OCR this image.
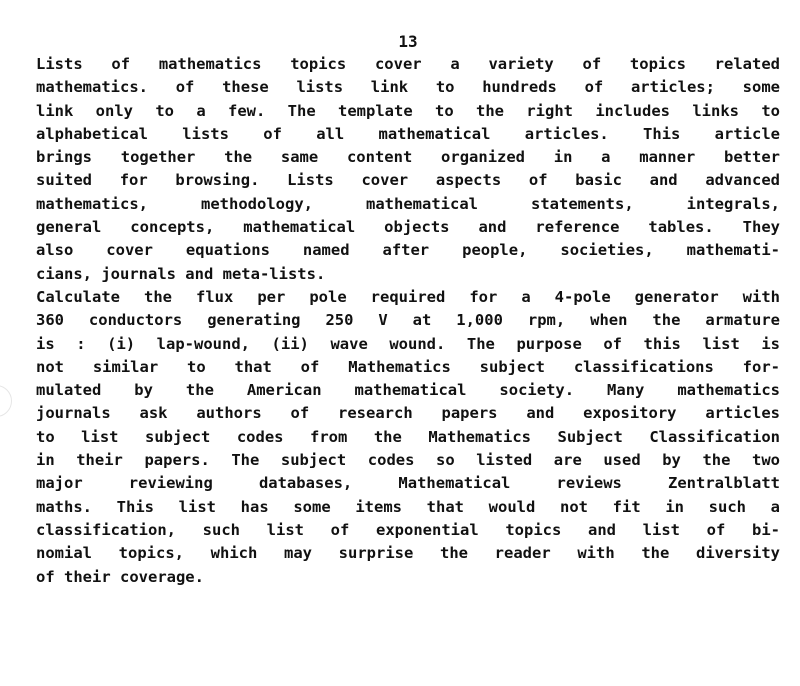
13
Lists of mathematics topics cover a variety of topics related
mathematics. of these lists link to hundreds of articles; some
link only to a few. The template to the right includes links to
alphabetical lists of all mathematical articles. This article
brings together the same content organized in a manner better
suited for browsing. Lists cover aspects of basic and advanced
mathematics, methodology, mathematical statements, integrals,
general concepts, mathematical objects and reference tables. They
also cover equations named after people, societies, mathemati-
cians, journals and meta-lists.
Calculate the flux per pole required for a 4-pole generator with
360 conductors generating 250 V at 1,000 rpm, when the armature
is : (i) lap-wound, (ii) wave wound. The purpose of this list is
not similar to that of Mathematics subject classifications for-
mulated by the American mathematical society. Many mathematics
journals ask authors of research papers and expository articles
to list subject codes from the Mathematics Subject Classification
in their papers. The subject codes so listed are used by the two
major reviewing databases, Mathematical reviews Zentralblatt
maths. This list has some items that would not fit in such a
classification, such list of exponential topics and list of bi-
nomial topics, which may surprise the reader with the diversity
of their coverage.
